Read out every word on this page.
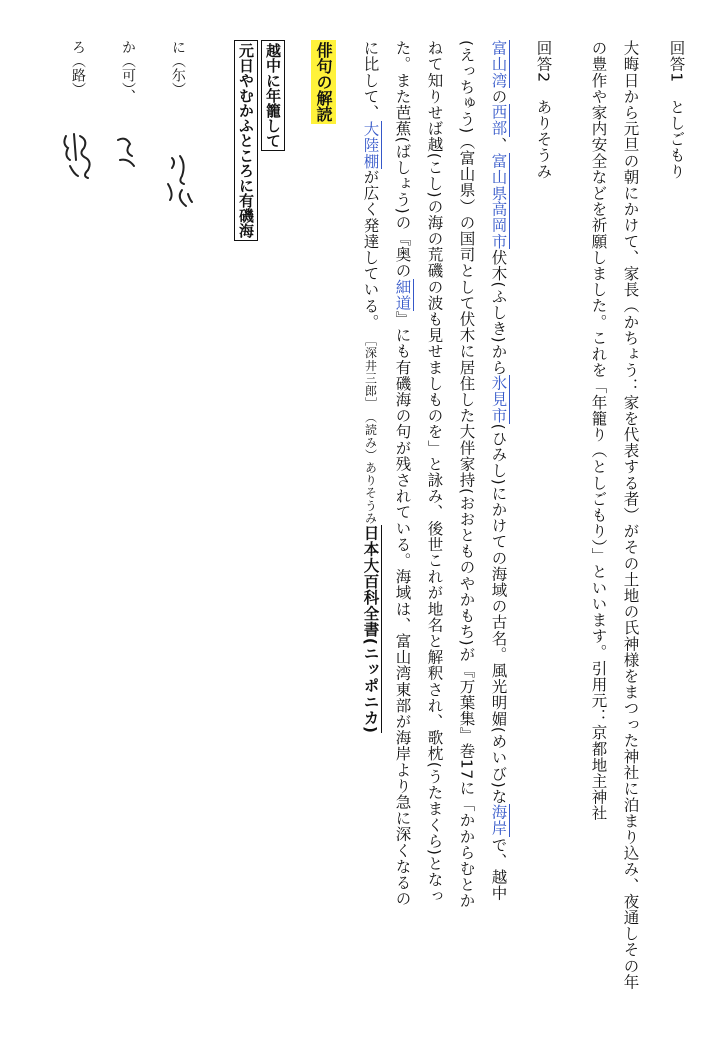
回答1　としごもり
大晦日から元旦の朝にかけて、家長（かちょう：家を代表する者）がその土地の氏神様をまつった神社に泊まり込み、夜通しその年
の豊作や家内安全などを祈願しました。これを「年籠り（としごもり）」といいます。引用元：京都地主神社
回答2　ありそうみ
富山湾の西部、富山県高岡市伏木(ふしき)から氷見市(ひみし)にかけての海域の古名。風光明媚(めいび)な海岸で、越中
(えっちゅう)（富山県）の国司として伏木に居住した大伴家持(おおとものやかもち)が『万葉集』巻17に「かからむとか
ねて知りせば越(こし)の海の荒磯の波も見せましものを」と詠み、後世これが地名と解釈され、歌枕(うたまくら)となっ
た。また芭蕉(ばしょう)の『奥の細道』にも有磯海の句が残されている。海域は、富山湾東部が海岸より急に深くなるの
に比して、大陸棚が広く発達している。［深井三郎］（読み）ありそうみ日本大百科全書(ニッポニカ)
俳句の解読
越中に年籠して
元日やむかふところに有磯海
に（尓）
か（可）、
ろ（路）
